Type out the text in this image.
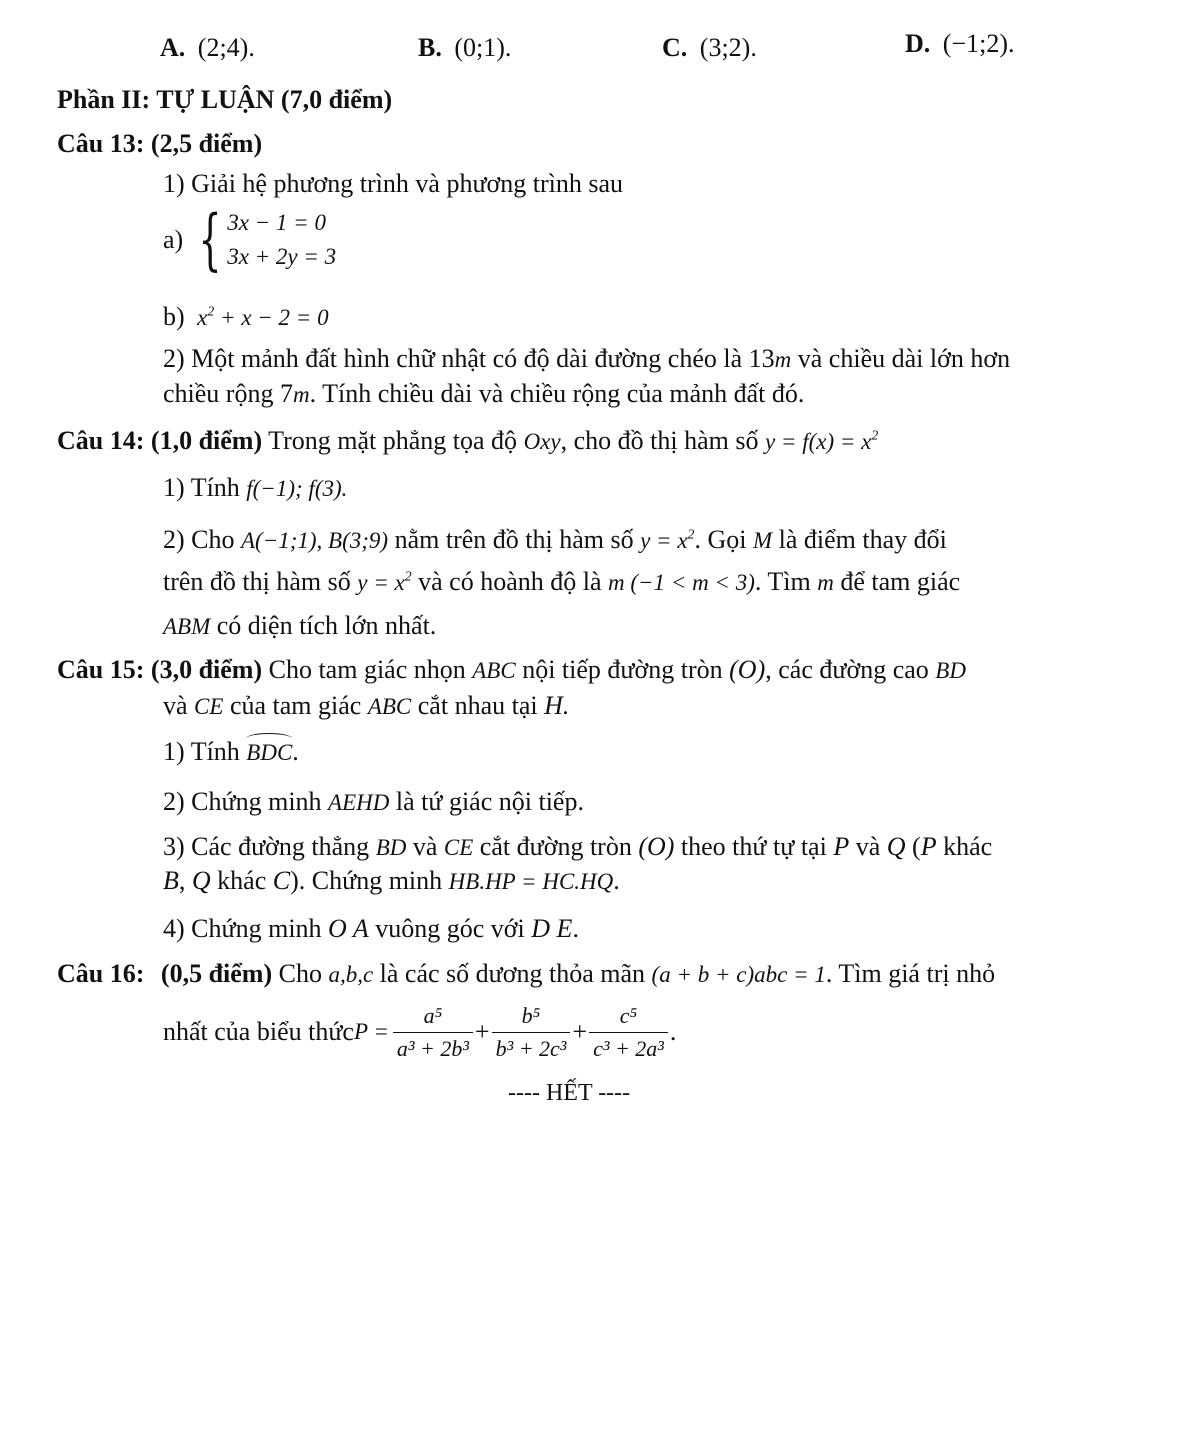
A. (2;4).	B. (0;1).	C. (3;2).	D. (−1;2).
Phần II: TỰ LUẬN (7,0 điểm)
Câu 13: (2,5 điểm)
1) Giải hệ phương trình và phương trình sau
a) { 3x − 1 = 0
3x + 2y = 3
b) $x^2 + x - 2 = 0$
2) Một mảnh đất hình chữ nhật có độ dài đường chéo là 13m và chiều dài lớn hơn
chiều rộng 7m. Tính chiều dài và chiều rộng của mảnh đất đó.
Câu 14: (1,0 điểm) Trong mặt phẳng tọa độ Oxy, cho đồ thị hàm số $y = f(x) = x^2$
1) Tính f(−1); f(3).
2) Cho A(−1;1), B(3;9) nằm trên đồ thị hàm số $y = x^2$. Gọi M là điểm thay đổi
trên đồ thị hàm số $y = x^2$ và có hoành độ là m (−1 < m < 3). Tìm m để tam giác
ABM có diện tích lớn nhất.
Câu 15: (3,0 điểm) Cho tam giác nhọn ABC nội tiếp đường tròn (O), các đường cao BD
và CE của tam giác ABC cắt nhau tại H.
1) Tính BDC.
2) Chứng minh AEHD là tứ giác nội tiếp.
3) Các đường thẳng BD và CE cắt đường tròn (O) theo thứ tự tại P và Q (P khác
B, Q khác C). Chứng minh HB.HP = HC.HQ.
4) Chứng minh O A vuông góc với D E.
Câu 16: (0,5 điểm) Cho a,b,c là các số dương thỏa mãn (a + b + c)abc = 1. Tìm giá trị nhỏ
nhất của biểu thức $P = \frac{\text{a⁵}}{\text{a³ + 2b³}} + \frac{\text{b⁵}}{\text{b³ + 2c³}} + \frac{\text{c⁵}}{\text{c³ + 2a³}}$ .
---- HẾT ----
